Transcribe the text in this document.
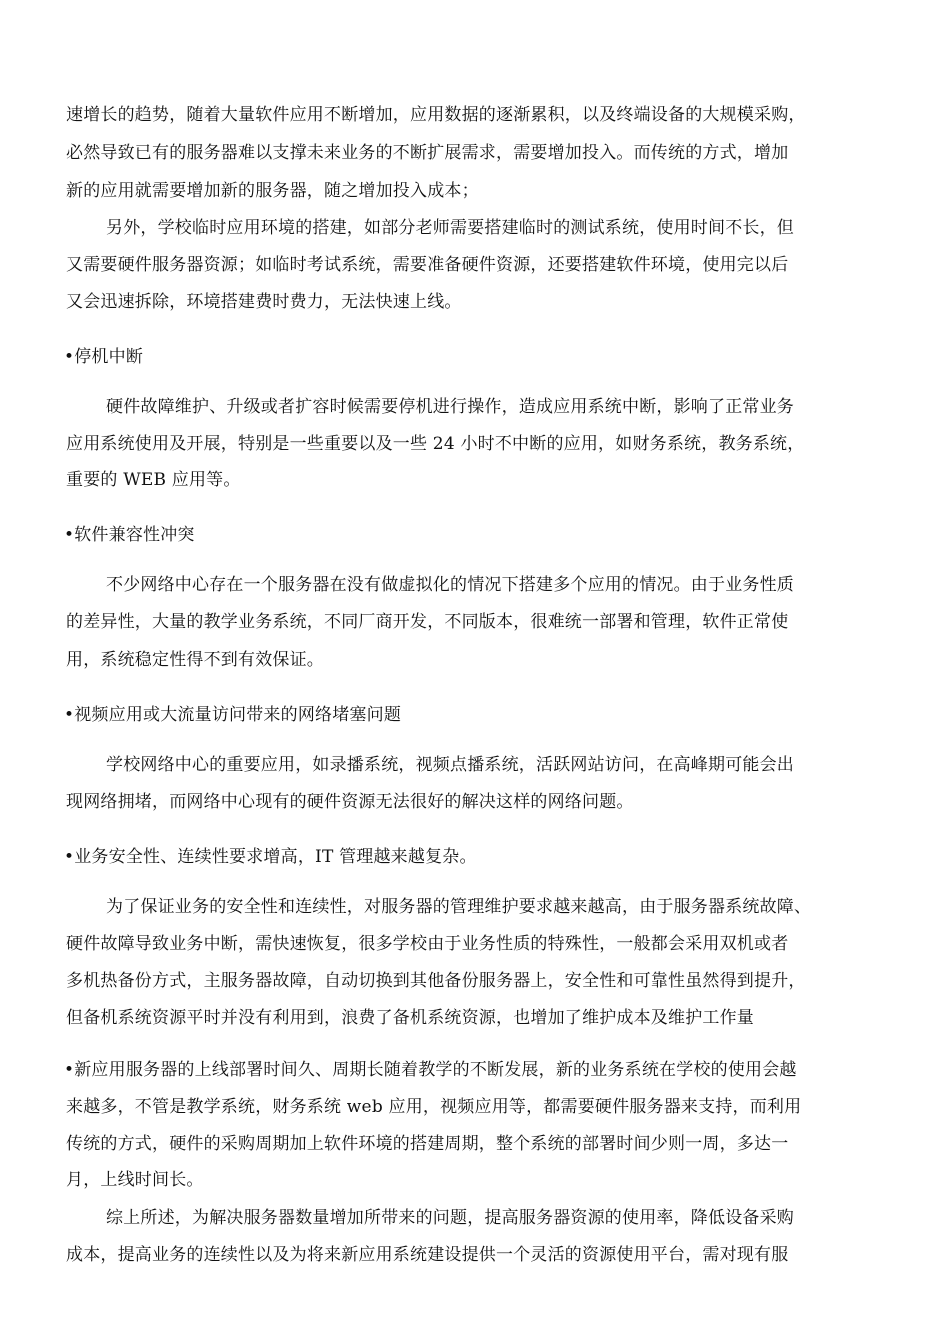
速增长的趋势，随着大量软件应用不断增加，应用数据的逐渐累积，以及终端设备的大规模采购，
必然导致已有的服务器难以支撑未来业务的不断扩展需求，需要增加投入。而传统的方式，增加
新的应用就需要增加新的服务器，随之增加投入成本；
另外，学校临时应用环境的搭建，如部分老师需要搭建临时的测试系统，使用时间不长，但
又需要硬件服务器资源；如临时考试系统，需要准备硬件资源，还要搭建软件环境，使用完以后
又会迅速拆除，环境搭建费时费力，无法快速上线。
•停机中断
硬件故障维护、升级或者扩容时候需要停机进行操作，造成应用系统中断，影响了正常业务
应用系统使用及开展，特别是一些重要以及一些 24 小时不中断的应用，如财务系统，教务系统，
重要的 WEB 应用等。
•软件兼容性冲突
不少网络中心存在一个服务器在没有做虚拟化的情况下搭建多个应用的情况。由于业务性质
的差异性，大量的教学业务系统，不同厂商开发，不同版本，很难统一部署和管理，软件正常使
用，系统稳定性得不到有效保证。
•视频应用或大流量访问带来的网络堵塞问题
学校网络中心的重要应用，如录播系统，视频点播系统，活跃网站访问，在高峰期可能会出
现网络拥堵，而网络中心现有的硬件资源无法很好的解决这样的网络问题。
•业务安全性、连续性要求增高，IT 管理越来越复杂。
为了保证业务的安全性和连续性，对服务器的管理维护要求越来越高，由于服务器系统故障、
硬件故障导致业务中断，需快速恢复，很多学校由于业务性质的特殊性，一般都会采用双机或者
多机热备份方式，主服务器故障，自动切换到其他备份服务器上，安全性和可靠性虽然得到提升，
但备机系统资源平时并没有利用到，浪费了备机系统资源，也增加了维护成本及维护工作量
•新应用服务器的上线部署时间久、周期长随着教学的不断发展，新的业务系统在学校的使用会越
来越多，不管是教学系统，财务系统 web 应用，视频应用等，都需要硬件服务器来支持，而利用
传统的方式，硬件的采购周期加上软件环境的搭建周期，整个系统的部署时间少则一周，多达一
月，上线时间长。
综上所述，为解决服务器数量增加所带来的问题，提高服务器资源的使用率，降低设备采购
成本，提高业务的连续性以及为将来新应用系统建设提供一个灵活的资源使用平台，需对现有服
